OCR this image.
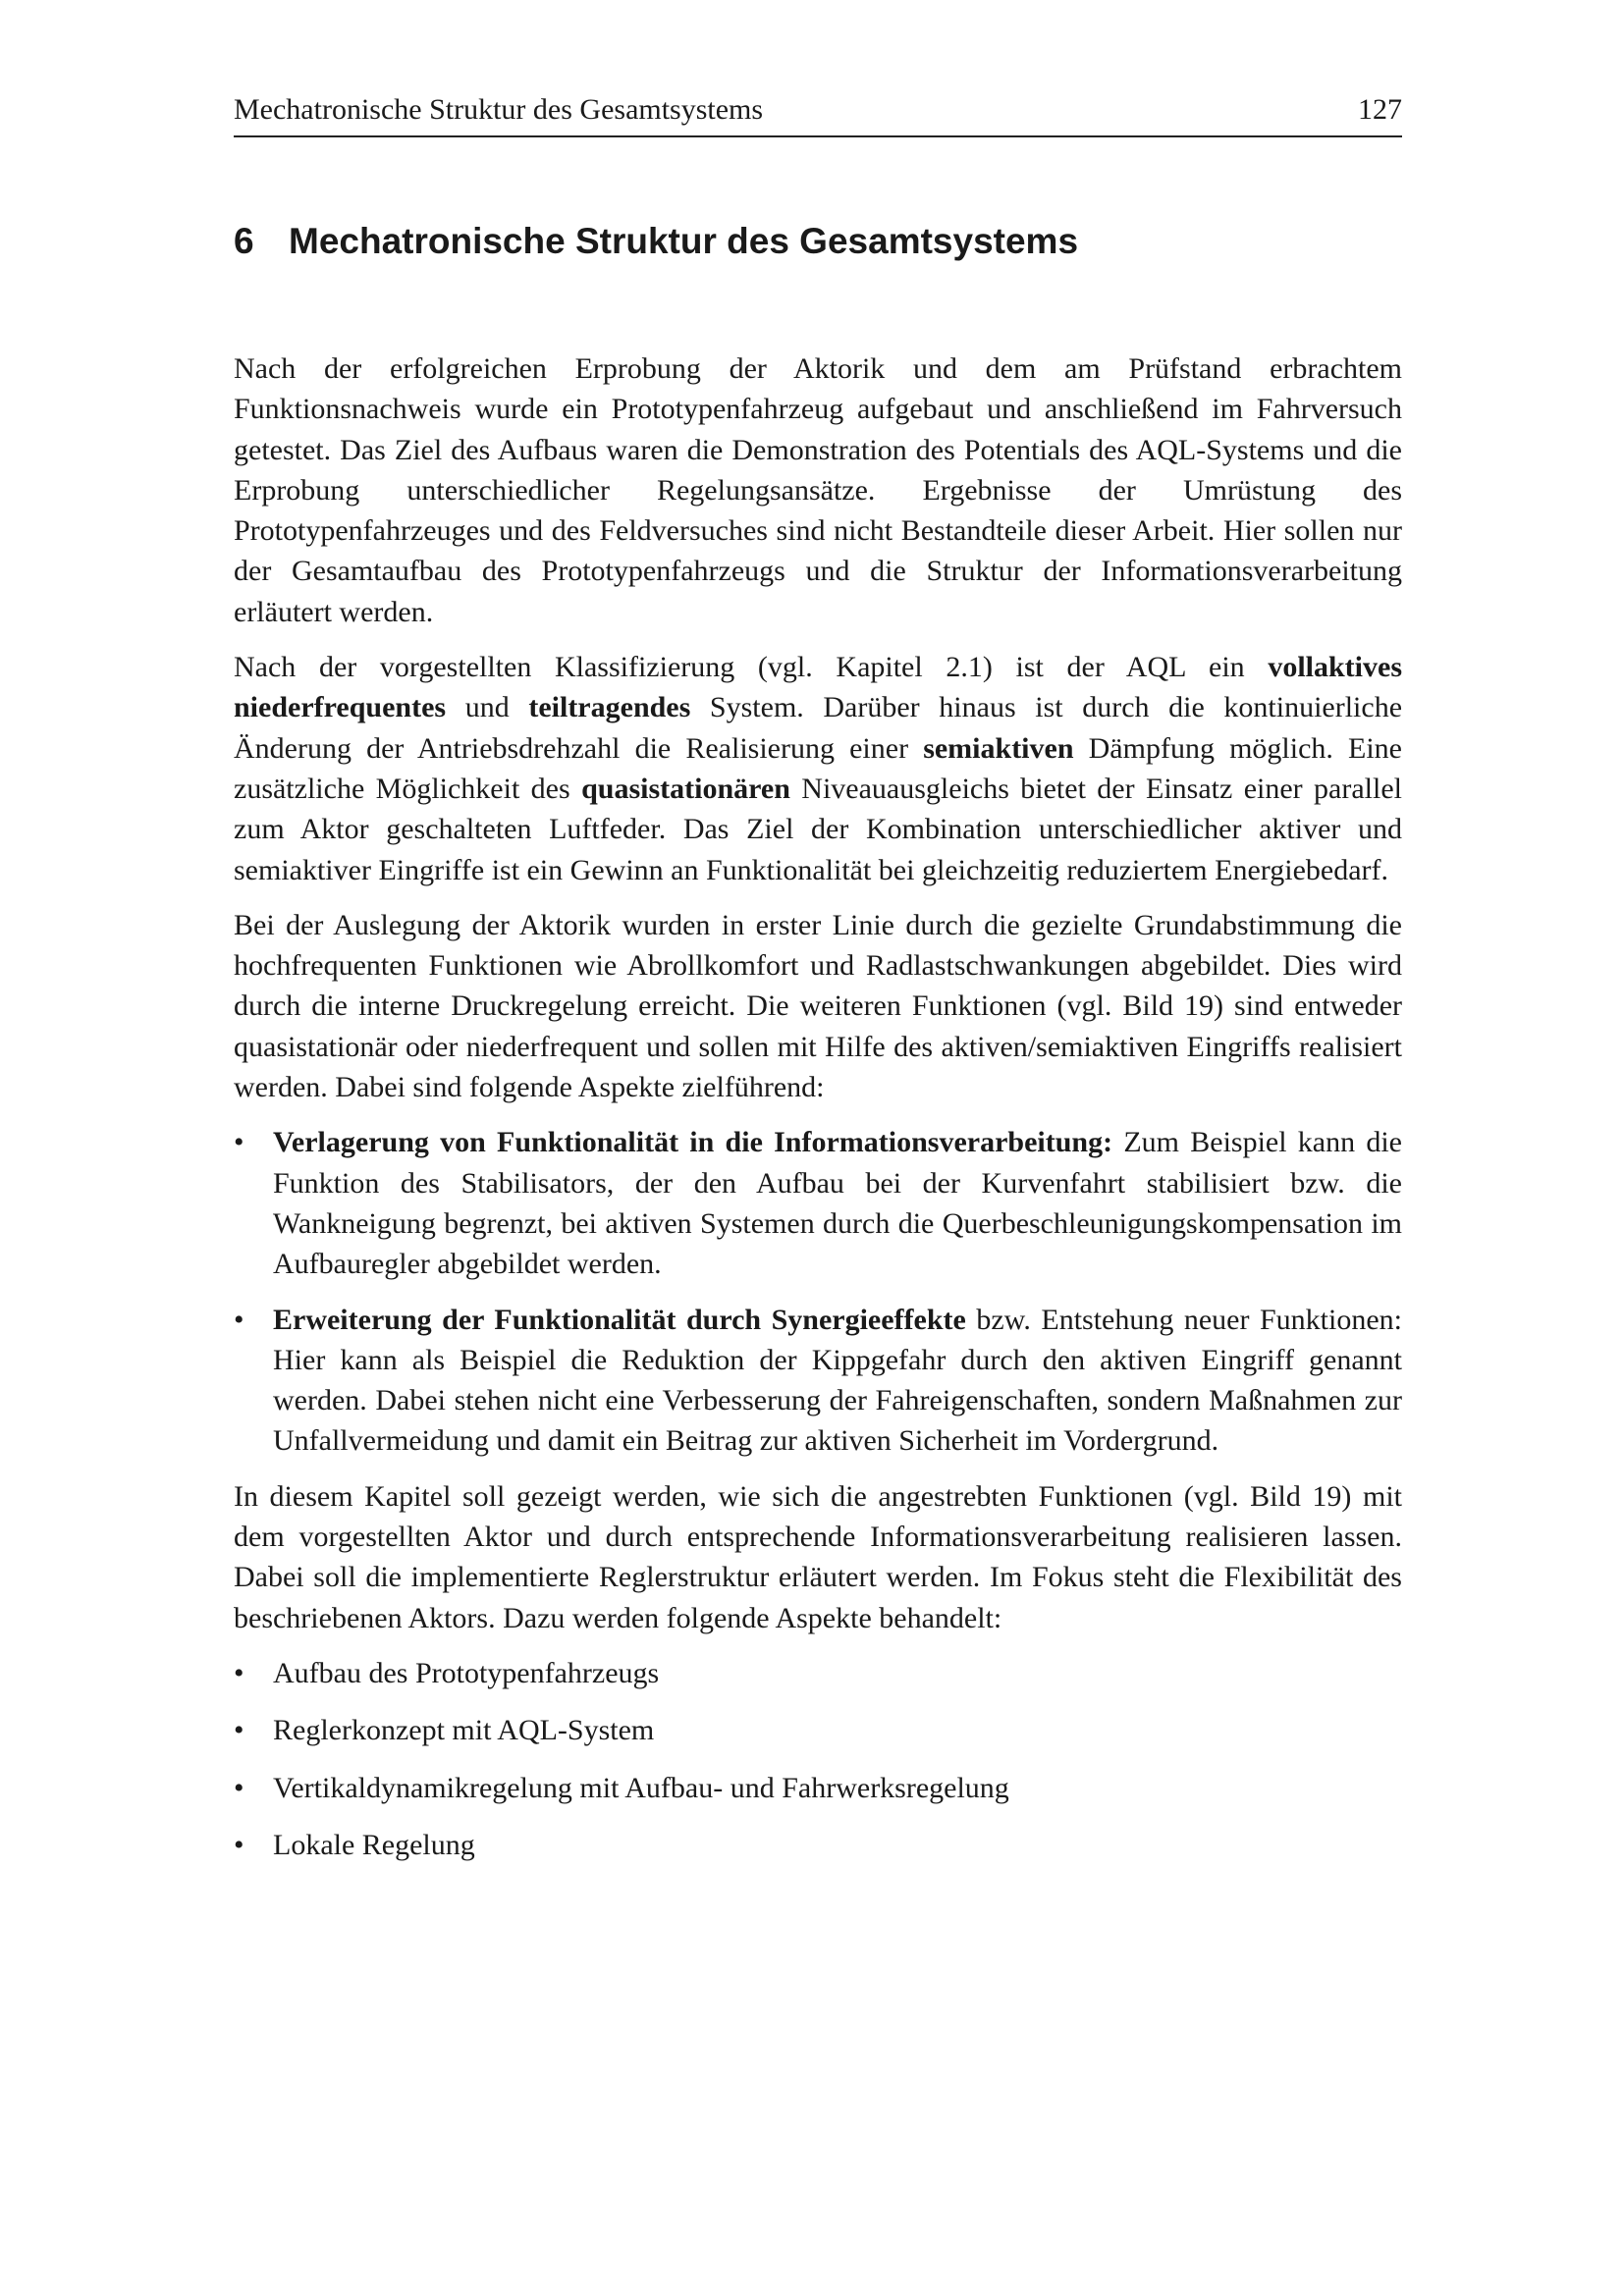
Mechatronische Struktur des Gesamtsystems	127
6 Mechatronische Struktur des Gesamtsystems

Nach der erfolgreichen Erprobung der Aktorik und dem am Prüfstand erbrachtem Funktionsnachweis wurde ein Prototypenfahrzeug aufgebaut und anschließend im Fahrversuch getestet. Das Ziel des Aufbaus waren die Demonstration des Potentials des AQL-Systems und die Erprobung unterschiedlicher Regelungsansätze. Ergebnisse der Umrüstung des Prototypenfahrzeuges und des Feldversuches sind nicht Bestandteile dieser Arbeit. Hier sollen nur der Gesamtaufbau des Prototypenfahrzeugs und die Struktur der Informationsverarbeitung erläutert werden.

Nach der vorgestellten Klassifizierung (vgl. Kapitel 2.1) ist der AQL ein vollaktives niederfrequentes und teiltragendes System. Darüber hinaus ist durch die kontinuierliche Änderung der Antriebsdrehzahl die Realisierung einer semiaktiven Dämpfung möglich. Eine zusätzliche Möglichkeit des quasistationären Niveauausgleichs bietet der Einsatz einer parallel zum Aktor geschalteten Luftfeder. Das Ziel der Kombination unterschiedlicher aktiver und semiaktiver Eingriffe ist ein Gewinn an Funktionalität bei gleichzeitig reduziertem Energiebedarf.

Bei der Auslegung der Aktorik wurden in erster Linie durch die gezielte Grundabstimmung die hochfrequenten Funktionen wie Abrollkomfort und Radlastschwankungen abgebildet. Dies wird durch die interne Druckregelung erreicht. Die weiteren Funktionen (vgl. Bild 19) sind entweder quasistationär oder niederfrequent und sollen mit Hilfe des aktiven/semiaktiven Eingriffs realisiert werden. Dabei sind folgende Aspekte zielführend:

• Verlagerung von Funktionalität in die Informationsverarbeitung: Zum Beispiel kann die Funktion des Stabilisators, der den Aufbau bei der Kurvenfahrt stabilisiert bzw. die Wankneigung begrenzt, bei aktiven Systemen durch die Querbeschleunigungskompensation im Aufbauregler abgebildet werden.
• Erweiterung der Funktionalität durch Synergieeffekte bzw. Entstehung neuer Funktionen: Hier kann als Beispiel die Reduktion der Kippgefahr durch den aktiven Eingriff genannt werden. Dabei stehen nicht eine Verbesserung der Fahreigenschaften, sondern Maßnahmen zur Unfallvermeidung und damit ein Beitrag zur aktiven Sicherheit im Vordergrund.

In diesem Kapitel soll gezeigt werden, wie sich die angestrebten Funktionen (vgl. Bild 19) mit dem vorgestellten Aktor und durch entsprechende Informationsverarbeitung realisieren lassen. Dabei soll die implementierte Reglerstruktur erläutert werden. Im Fokus steht die Flexibilität des beschriebenen Aktors. Dazu werden folgende Aspekte behandelt:

• Aufbau des Prototypenfahrzeugs
• Reglerkonzept mit AQL-System
• Vertikaldynamikregelung mit Aufbau- und Fahrwerksregelung
• Lokale Regelung
